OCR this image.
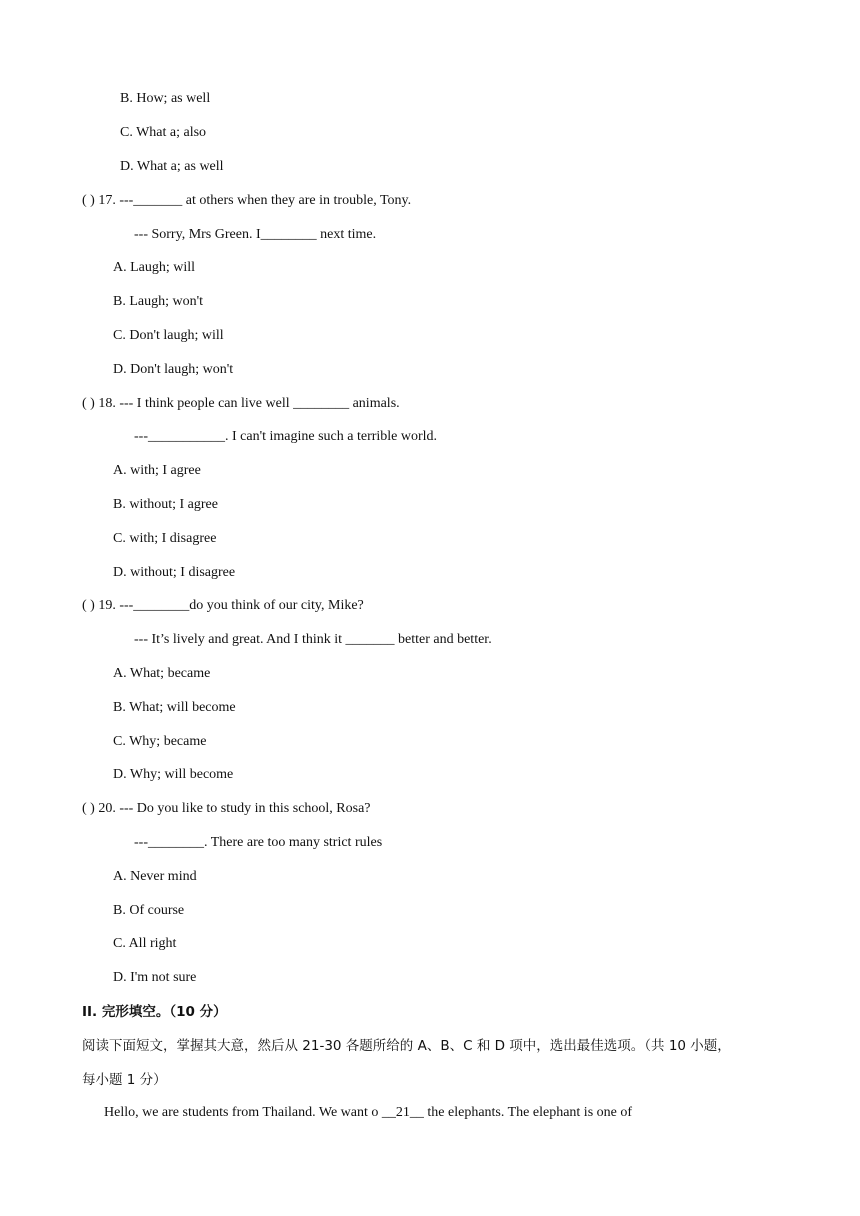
B. How; as well
C. What a; also
D. What a; as well
( ) 17. ---_______ at others when they are in trouble, Tony.
--- Sorry, Mrs Green. I________ next time.
A. Laugh; will
B. Laugh; won't
C. Don't laugh; will
D. Don't laugh; won't
( ) 18. --- I think people can live well ________ animals.
---___________. I can't imagine such a terrible world.
A. with; I agree
B. without; I agree
C. with; I disagree
D. without; I disagree
( ) 19. ---________do you think of our city, Mike?
--- It’s lively and great. And I think it _______ better and better.
A. What; became
B. What; will become
C. Why; became
D. Why; will become
( ) 20. --- Do you like to study in this school, Rosa?
---________. There are too many strict rules
A. Never mind
B. Of course
C. All right
D. I'm not sure
II. 完形填空。（10 分）
阅读下面短文，掌握其大意，然后从 21-30 各题所给的 A、B、C 和 D 项中，选出最佳选项。（共 10 小题，
每小题 1 分）
Hello, we are students from Thailand. We want o __21__ the elephants. The elephant is one of
